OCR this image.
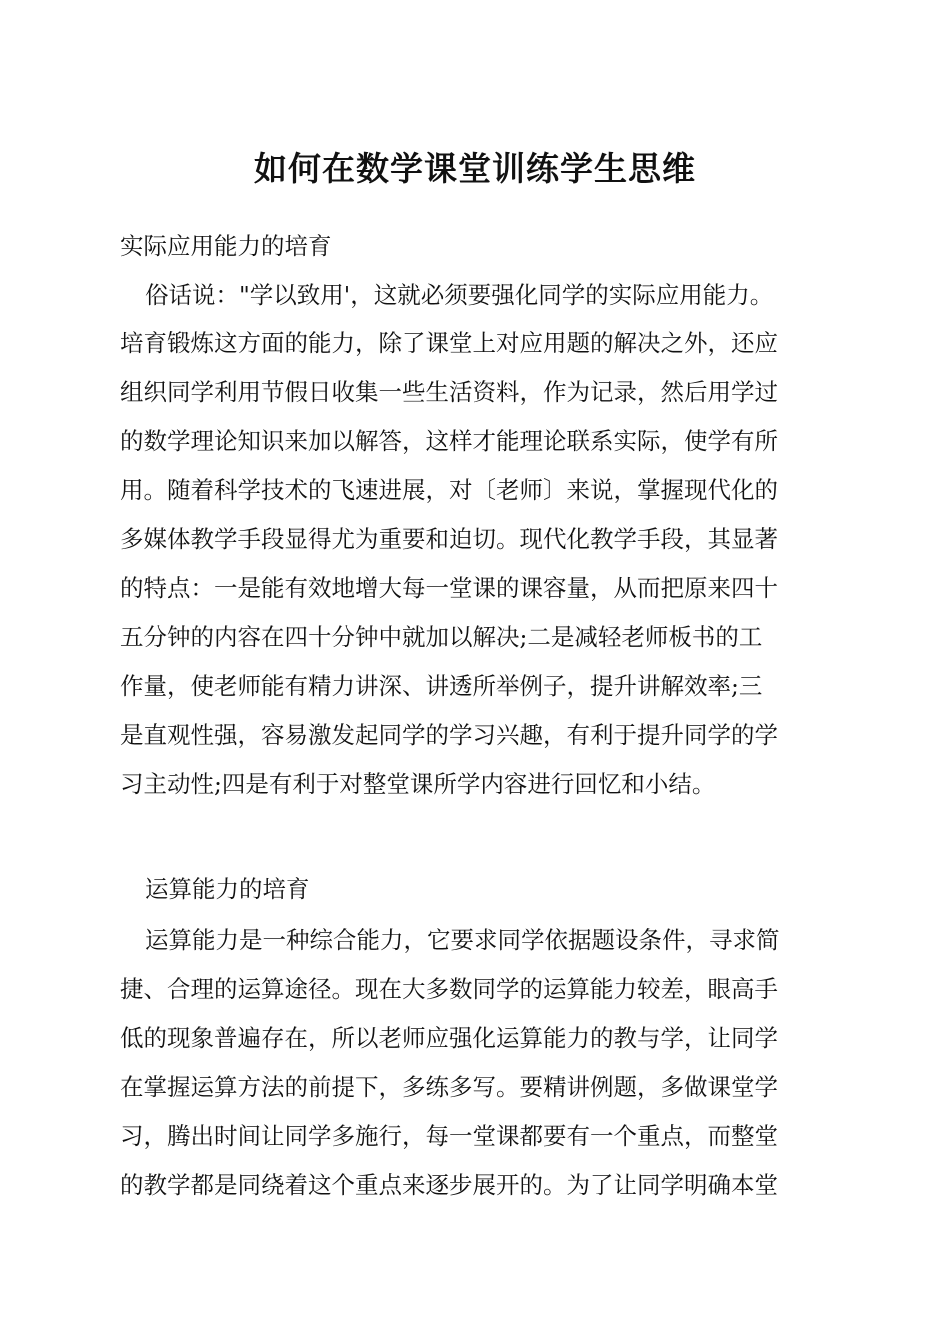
如何在数学课堂训练学生思维

实际应用能力的培育

俗话说："学以致用'，这就必须要强化同学的实际应用能力。

培育锻炼这方面的能力，除了课堂上对应用题的解决之外，还应

组织同学利用节假日收集一些生活资料，作为记录，然后用学过

的数学理论知识来加以解答，这样才能理论联系实际，使学有所

用。随着科学技术的飞速进展，对〔老师〕来说，掌握现代化的

多媒体教学手段显得尤为重要和迫切。现代化教学手段，其显著

的特点：一是能有效地增大每一堂课的课容量，从而把原来四十

五分钟的内容在四十分钟中就加以解决;二是减轻老师板书的工

作量，使老师能有精力讲深、讲透所举例子，提升讲解效率;三

是直观性强，容易激发起同学的学习兴趣，有利于提升同学的学

习主动性;四是有利于对整堂课所学内容进行回忆和小结。

运算能力的培育

运算能力是一种综合能力，它要求同学依据题设条件，寻求简

捷、合理的运算途径。现在大多数同学的运算能力较差，眼高手

低的现象普遍存在，所以老师应强化运算能力的教与学，让同学

在掌握运算方法的前提下，多练多写。要精讲例题，多做课堂学

习，腾出时间让同学多施行，每一堂课都要有一个重点，而整堂

的教学都是同绕着这个重点来逐步展开的。为了让同学明确本堂
